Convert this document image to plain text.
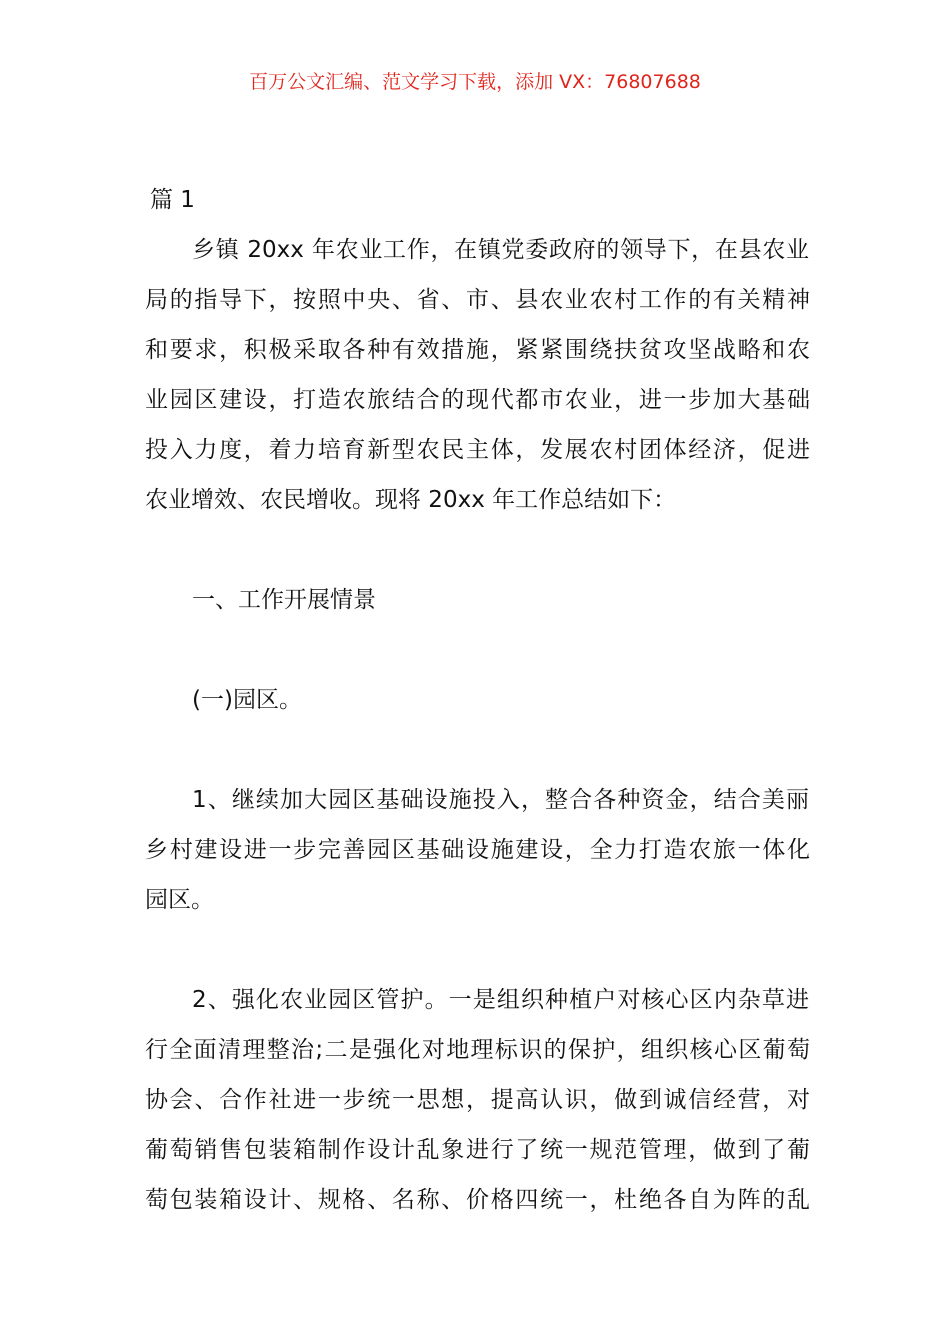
百万公文汇编、范文学习下载，添加 VX：76807688
篇 1
乡镇 20xx 年农业工作，在镇党委政府的领导下，在县农业
局的指导下，按照中央、省、市、县农业农村工作的有关精神
和要求，积极采取各种有效措施，紧紧围绕扶贫攻坚战略和农
业园区建设，打造农旅结合的现代都市农业，进一步加大基础
投入力度，着力培育新型农民主体，发展农村团体经济，促进
农业增效、农民增收。现将 20xx 年工作总结如下：
一、工作开展情景
(一)园区。
1、继续加大园区基础设施投入，整合各种资金，结合美丽
乡村建设进一步完善园区基础设施建设，全力打造农旅一体化
园区。
2、强化农业园区管护。一是组织种植户对核心区内杂草进
行全面清理整治;二是强化对地理标识的保护，组织核心区葡萄
协会、合作社进一步统一思想，提高认识，做到诚信经营，对
葡萄销售包装箱制作设计乱象进行了统一规范管理，做到了葡
萄包装箱设计、规格、名称、价格四统一，杜绝各自为阵的乱
